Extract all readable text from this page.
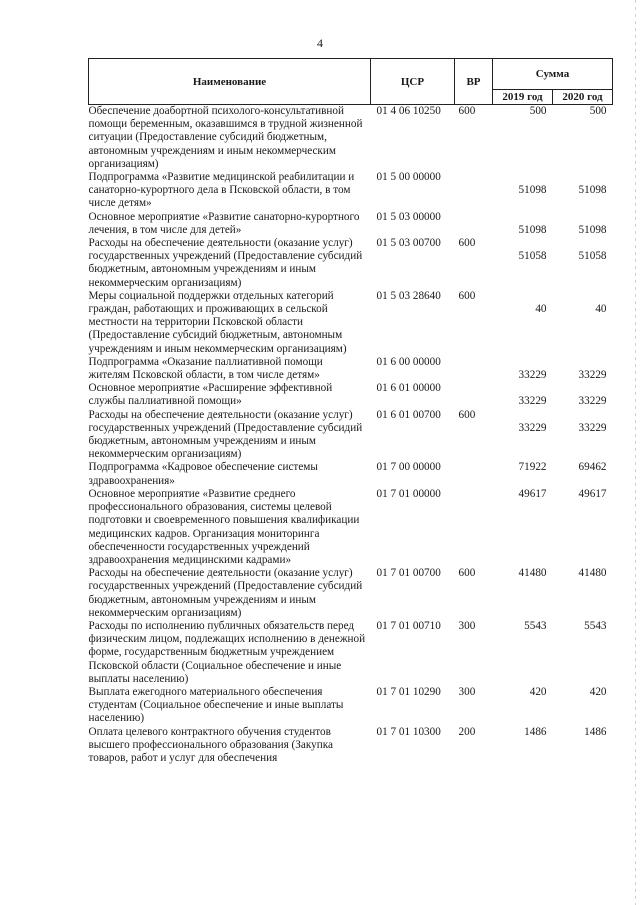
4
Наименование	ЦСР	ВР	Сумма	
			2019 год	2020 год
Обеспечение доабортной психолого-консультативной помощи беременным, оказавшимся в трудной жизненной ситуации (Предоставление субсидий бюджетным, автономным учреждениям и иным некоммерческим организациям)	01 4 06 10250	600	500	500
Подпрограмма «Развитие медицинской реабилитации и санаторно-курортного дела в Псковской области, в том числе детям»	01 5 00 00000		51098	51098
Основное мероприятие «Развитие санаторно-курортного лечения, в том числе для детей»	01 5 03 00000		51098	51098
Расходы на обеспечение деятельности (оказание услуг) государственных учреждений (Предоставление субсидий бюджетным, автономным учреждениям и иным некоммерческим организациям)	01 5 03 00700	600	51058	51058
Меры социальной поддержки отдельных категорий граждан, работающих и проживающих в сельской местности на территории Псковской области (Предоставление субсидий бюджетным, автономным учреждениям и иным некоммерческим организациям)	01 5 03 28640	600	40	40
Подпрограмма «Оказание паллиативной помощи жителям Псковской области, в том числе детям»	01 6 00 00000		33229	33229
Основное мероприятие «Расширение эффективной службы паллиативной помощи»	01 6 01 00000		33229	33229
Расходы на обеспечение деятельности (оказание услуг) государственных учреждений (Предоставление субсидий бюджетным, автономным учреждениям и иным некоммерческим организациям)	01 6 01 00700	600	33229	33229
Подпрограмма «Кадровое обеспечение системы здравоохранения»	01 7 00 00000		71922	69462
Основное мероприятие «Развитие среднего профессионального образования, системы целевой подготовки и своевременного повышения квалификации медицинских кадров. Организация мониторинга обеспеченности государственных учреждений здравоохранения медицинскими кадрами»	01 7 01 00000		49617	49617
Расходы на обеспечение деятельности (оказание услуг) государственных учреждений (Предоставление субсидий бюджетным, автономным учреждениям и иным некоммерческим организациям)	01 7 01 00700	600	41480	41480
Расходы по исполнению публичных обязательств перед физическим лицом, подлежащих исполнению в денежной форме, государственным бюджетным учреждением Псковской области (Социальное обеспечение и иные выплаты населению)	01 7 01 00710	300	5543	5543
Выплата ежегодного материального обеспечения студентам (Социальное обеспечение и иные выплаты населению)	01 7 01 10290	300	420	420
Оплата целевого контрактного обучения студентов высшего профессионального образования (Закупка товаров, работ и услуг для обеспечения	01 7 01 10300	200	1486	1486
